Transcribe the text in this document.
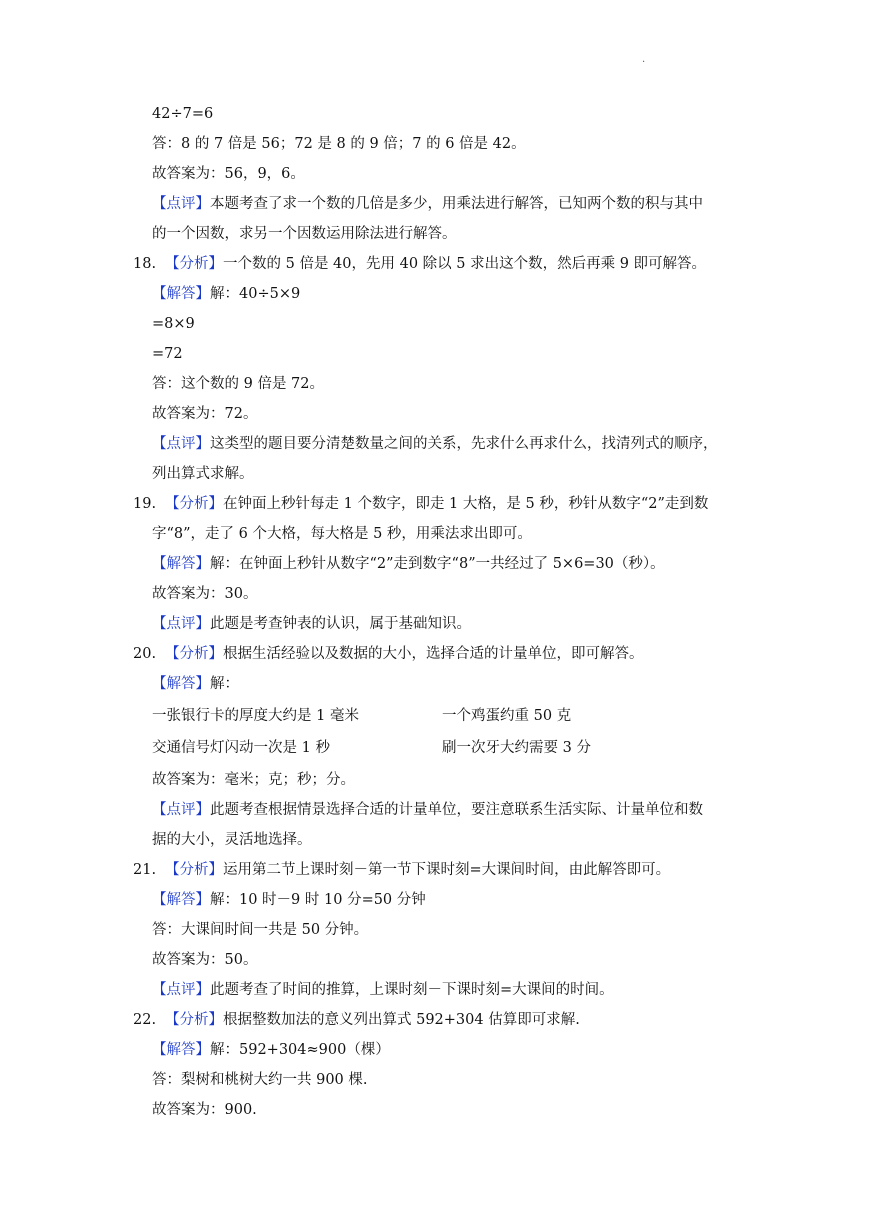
.
42÷7=6
答：8 的 7 倍是 56；72 是 8 的 9 倍；7 的 6 倍是 42。
故答案为：56，9，6。
【点评】本题考查了求一个数的几倍是多少，用乘法进行解答，已知两个数的积与其中
的一个因数，求另一个因数运用除法进行解答。
18. 【分析】一个数的 5 倍是 40，先用 40 除以 5 求出这个数，然后再乘 9 即可解答。
【解答】解：40÷5×9
=8×9
=72
答：这个数的 9 倍是 72。
故答案为：72。
【点评】这类型的题目要分清楚数量之间的关系，先求什么再求什么，找清列式的顺序，
列出算式求解。
19. 【分析】在钟面上秒针每走 1 个数字，即走 1 大格，是 5 秒，秒针从数字“2”走到数
字“8”，走了 6 个大格，每大格是 5 秒，用乘法求出即可。
【解答】解：在钟面上秒针从数字“2”走到数字“8”一共经过了 5×6=30（秒）。
故答案为：30。
【点评】此题是考查钟表的认识，属于基础知识。
20. 【分析】根据生活经验以及数据的大小，选择合适的计量单位，即可解答。
【解答】解：
一张银行卡的厚度大约是 1 毫米	一个鸡蛋约重 50 克
交通信号灯闪动一次是 1 秒	刷一次牙大约需要 3 分
故答案为：毫米；克；秒；分。
【点评】此题考查根据情景选择合适的计量单位，要注意联系生活实际、计量单位和数
据的大小，灵活地选择。
21. 【分析】运用第二节上课时刻－第一节下课时刻=大课间时间，由此解答即可。
【解答】解：10 时－9 时 10 分=50 分钟
答：大课间时间一共是 50 分钟。
故答案为：50。
【点评】此题考查了时间的推算，上课时刻－下课时刻=大课间的时间。
22. 【分析】根据整数加法的意义列出算式 592+304 估算即可求解.
【解答】解：592+304≈900（棵）
答：梨树和桃树大约一共 900 棵.
故答案为：900.
